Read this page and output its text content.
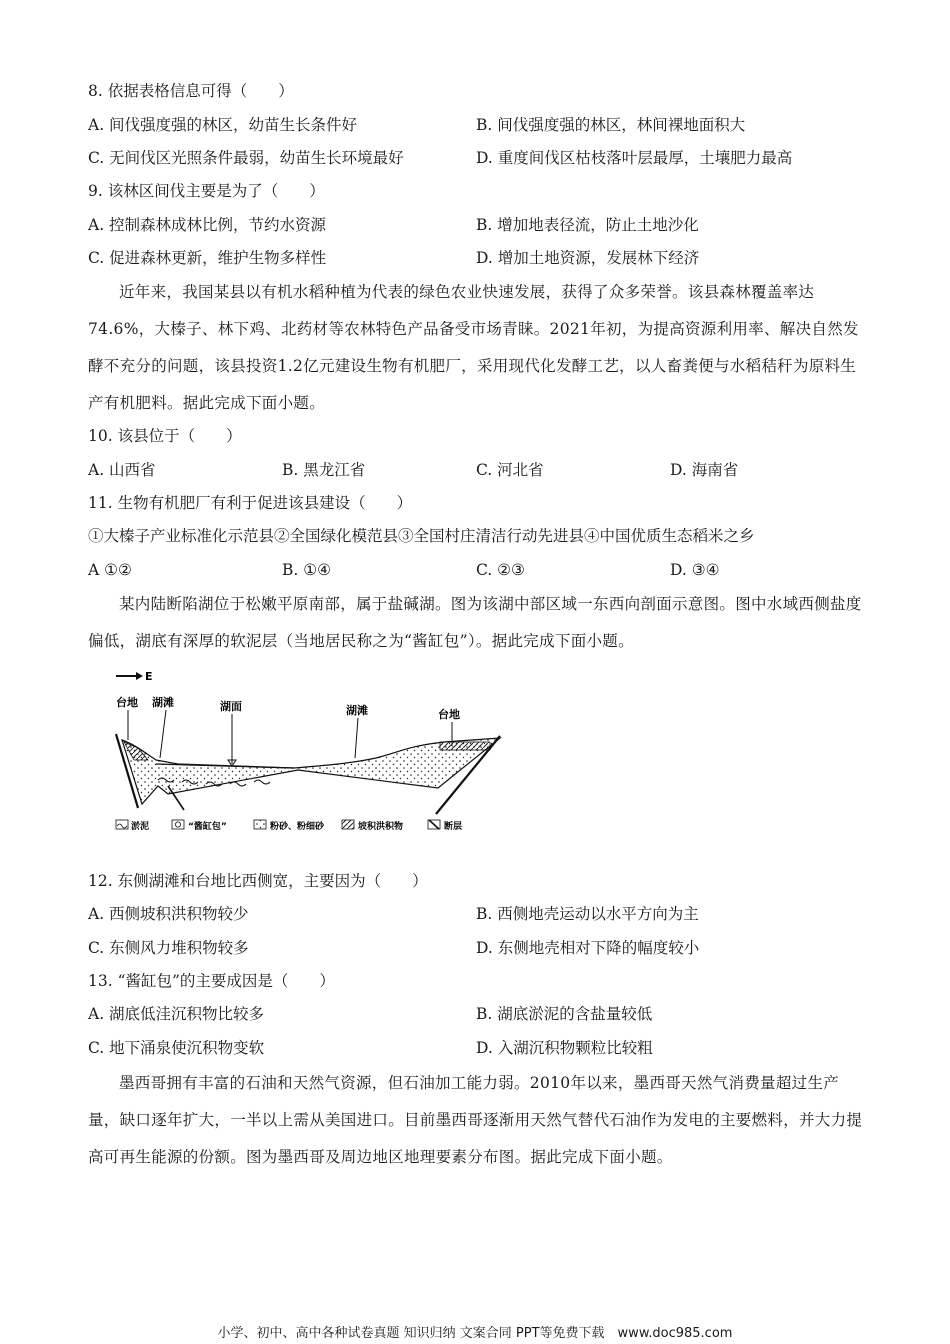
8. 依据表格信息可得（　　）
A. 间伐强度强的林区，幼苗生长条件好	B. 间伐强度强的林区，林间裸地面积大
C. 无间伐区光照条件最弱，幼苗生长环境最好	D. 重度间伐区枯枝落叶层最厚，土壤肥力最高
9. 该林区间伐主要是为了（　　）
A. 控制森林成林比例，节约水资源	B. 增加地表径流，防止土地沙化
C. 促进森林更新，维护生物多样性	D. 增加土地资源，发展林下经济
近年来，我国某县以有机水稻种植为代表的绿色农业快速发展，获得了众多荣誉。该县森林覆盖率达74.6%，大榛子、林下鸡、北药材等农林特色产品备受市场青睐。2021年初，为提高资源利用率、解决自然发酵不充分的问题，该县投资1.2亿元建设生物有机肥厂，采用现代化发酵工艺，以人畜粪便与水稻秸秆为原料生产有机肥料。据此完成下面小题。
10. 该县位于（　　）
A. 山西省	B. 黑龙江省	C. 河北省	D. 海南省
11. 生物有机肥厂有利于促进该县建设（　　）
①大榛子产业标准化示范县②全国绿化模范县③全国村庄清洁行动先进县④中国优质生态稻米之乡
A ①②	B. ①④	C. ②③	D. ③④
某内陆断陷湖位于松嫩平原南部，属于盐碱湖。图为该湖中部区域一东西向剖面示意图。图中水域西侧盐度偏低，湖底有深厚的软泥层（当地居民称之为“酱缸包”）。据此完成下面小题。
E
台地 湖滩	湖面	湖滩	台地
淤泥	“酱缸包”	粉砂、粉细砂	坡积洪积物	断层
12. 东侧湖滩和台地比西侧宽，主要因为（　　）
A. 西侧坡积洪积物较少	B. 西侧地壳运动以水平方向为主
C. 东侧风力堆积物较多	D. 东侧地壳相对下降的幅度较小
13. “酱缸包”的主要成因是（　　）
A. 湖底低洼沉积物比较多	B. 湖底淤泥的含盐量较低
C. 地下涌泉使沉积物变软	D. 入湖沉积物颗粒比较粗
墨西哥拥有丰富的石油和天然气资源，但石油加工能力弱。2010年以来，墨西哥天然气消费量超过生产量，缺口逐年扩大，一半以上需从美国进口。目前墨西哥逐渐用天然气替代石油作为发电的主要燃料，并大力提高可再生能源的份额。图为墨西哥及周边地区地理要素分布图。据此完成下面小题。
小学、初中、高中各种试卷真题 知识归纳 文案合同 PPT等免费下载　www.doc985.com
